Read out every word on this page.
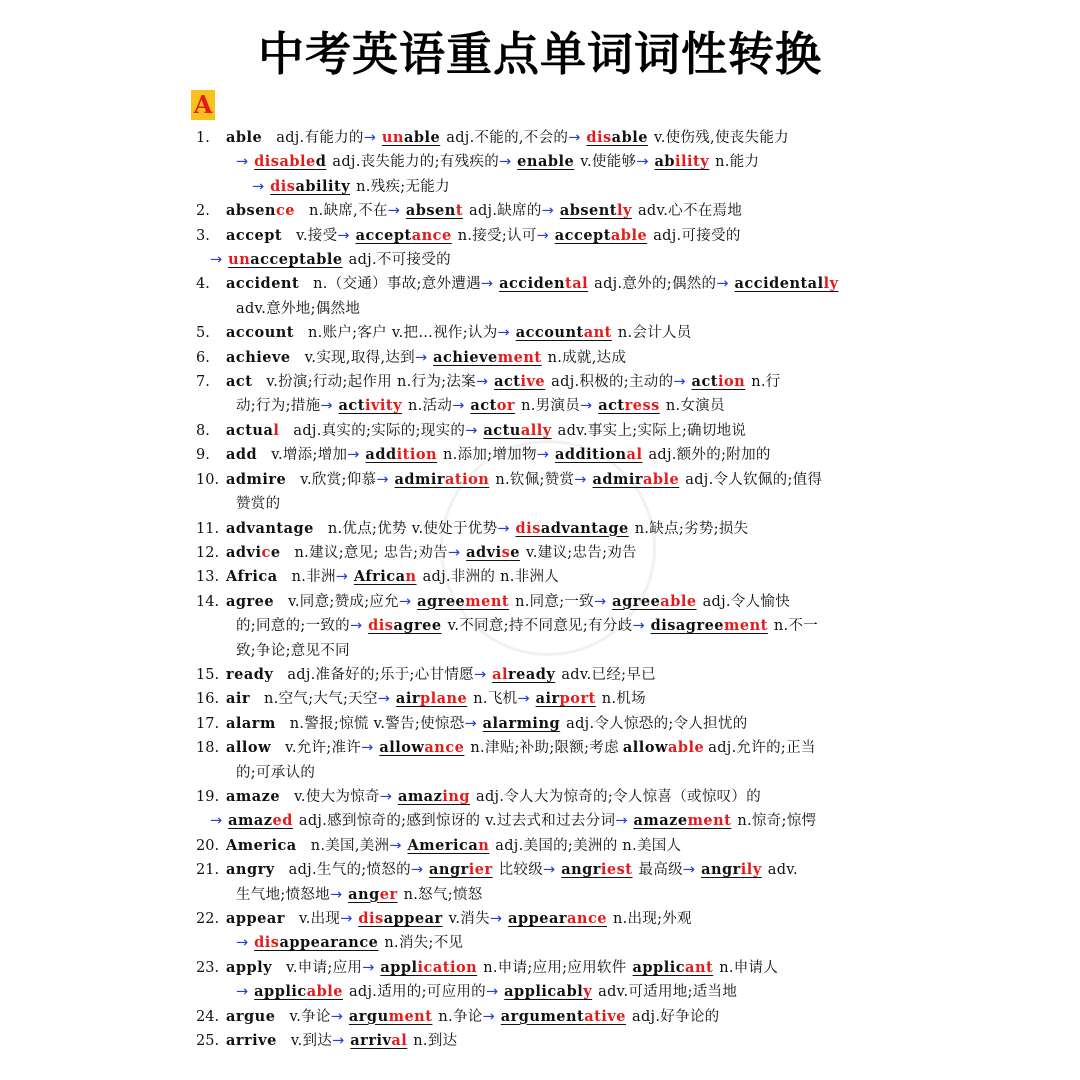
中考英语重点单词词性转换
A
1. able adj.有能力的→ unable adj.不能的,不会的→ disable v.使伤残,使丧失能力
→ disabled adj.丧失能力的;有残疾的→ enable v.使能够→ ability n.能力
→ disability n.残疾;无能力
2. absence n.缺席,不在→ absent adj.缺席的→ absently adv.心不在焉地
3. accept v.接受→ acceptance n.接受;认可→ acceptable adj.可接受的
→ unacceptable adj.不可接受的
4. accident n.（交通）事故;意外遭遇→ accidental adj.意外的;偶然的→ accidentally
adv.意外地;偶然地
5. account n.账户;客户 v.把…视作;认为→ accountant n.会计人员
6. achieve v.实现,取得,达到→ achievement n.成就,达成
7. act v.扮演;行动;起作用 n.行为;法案→ active adj.积极的;主动的→ action n.行
动;行为;措施→ activity n.活动→ actor n.男演员→ actress n.女演员
8. actual adj.真实的;实际的;现实的→ actually adv.事实上;实际上;确切地说
9. add v.增添;增加→ addition n.添加;增加物→ additional adj.额外的;附加的
10. admire v.欣赏;仰慕→ admiration n.钦佩;赞赏→ admirable adj.令人钦佩的;值得
赞赏的
11. advantage n.优点;优势 v.使处于优势→ disadvantage n.缺点;劣势;损失
12. advice n.建议;意见; 忠告;劝告→ advise v.建议;忠告;劝告
13. Africa n.非洲→ African adj.非洲的 n.非洲人
14. agree v.同意;赞成;应允→ agreement n.同意;一致→ agreeable adj.令人愉快
的;同意的;一致的→ disagree v.不同意;持不同意见;有分歧→ disagreement n.不一
致;争论;意见不同
15. ready adj.准备好的;乐于;心甘情愿→ already adv.已经;早已
16. air n.空气;大气;天空→ airplane n.飞机→ airport n.机场
17. alarm n.警报;惊慌 v.警告;使惊恐→ alarming adj.令人惊恐的;令人担忧的
18. allow v.允许;准许→ allowance n.津贴;补助;限额;考虑 allowable adj.允许的;正当
的;可承认的
19. amaze v.使大为惊奇→ amazing adj.令人大为惊奇的;令人惊喜（或惊叹）的
→ amazed adj.感到惊奇的;感到惊讶的 v.过去式和过去分词→ amazement n.惊奇;惊愕
20. America n.美国,美洲→ American adj.美国的;美洲的 n.美国人
21. angry adj.生气的;愤怒的→ angrier 比较级→ angriest 最高级→ angrily adv.
生气地;愤怒地→ anger n.怒气;愤怒
22. appear v.出现→ disappear v.消失→ appearance n.出现;外观
→ disappearance n.消失;不见
23. apply v.申请;应用→ application n.申请;应用;应用软件 applicant n.申请人
→ applicable adj.适用的;可应用的→ applicably adv.可适用地;适当地
24. argue v.争论→ argument n.争论→ argumentative adj.好争论的
25. arrive v.到达→ arrival n.到达
